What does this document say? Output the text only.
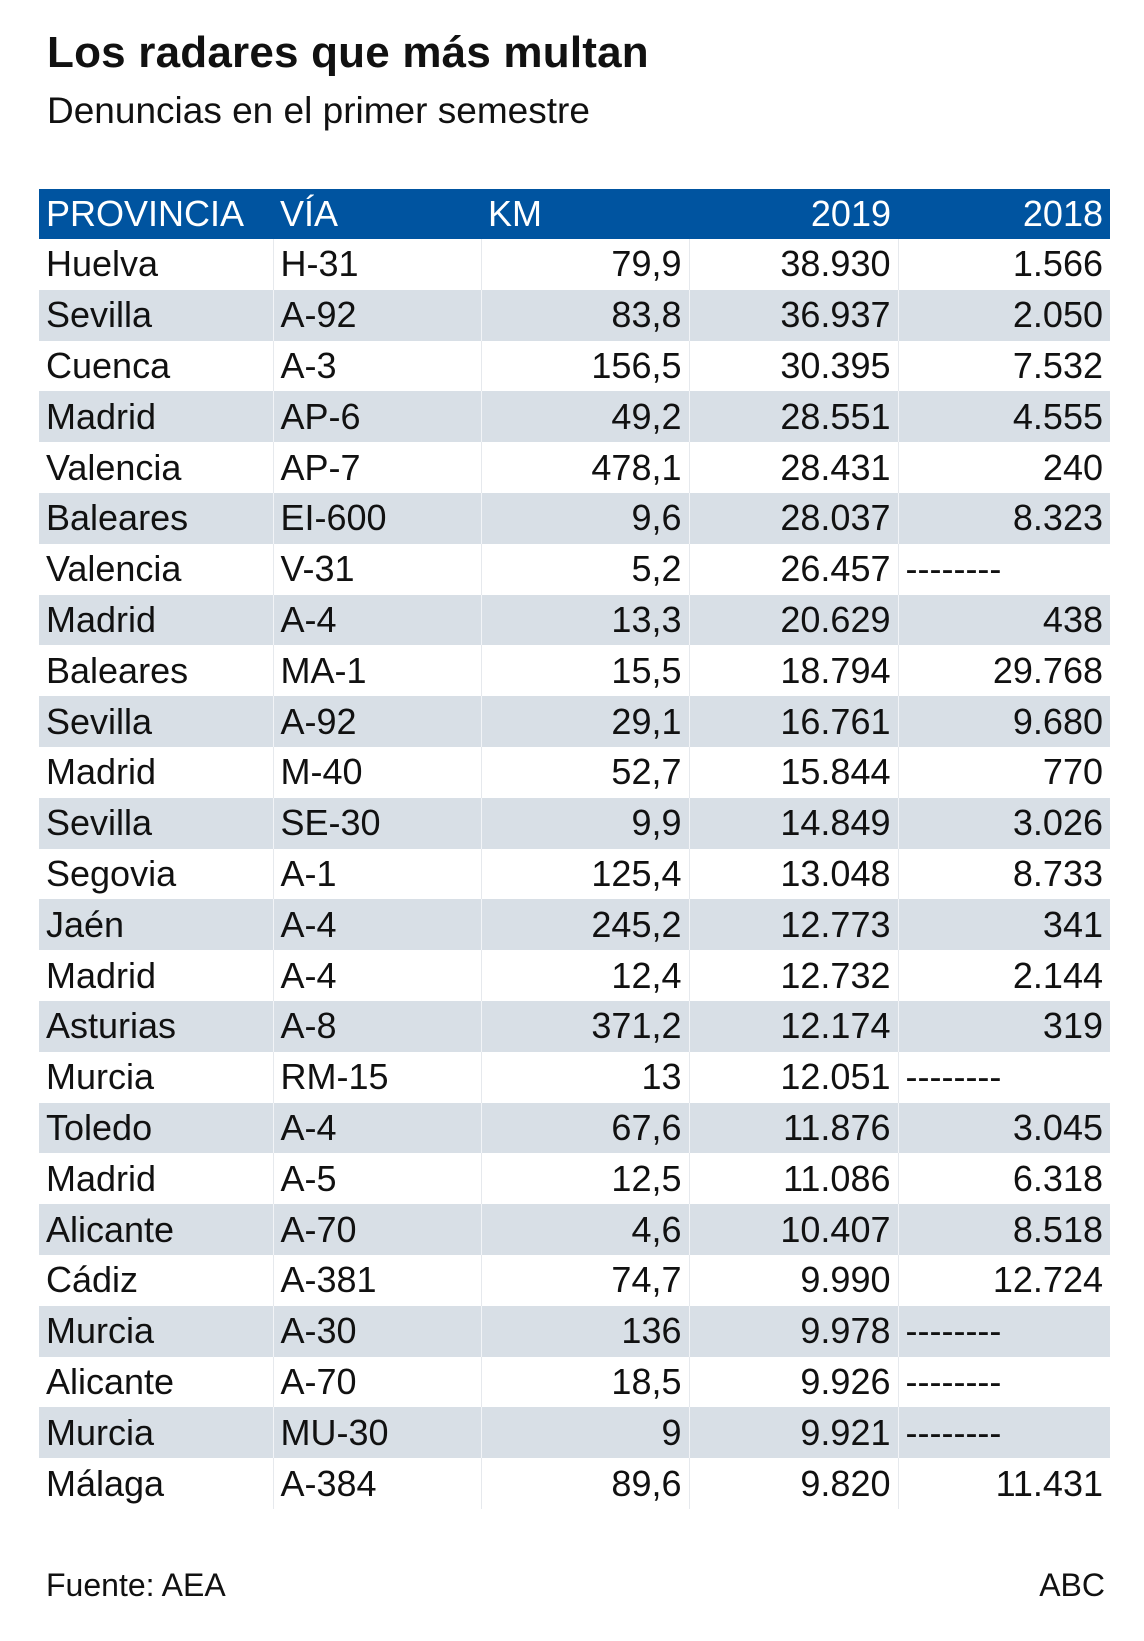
Los radares que más multan

Denuncias en el primer semestre

PROVINCIA	VÍA	KM	2019	2018
Huelva	H-31	79,9	38.930	1.566
Sevilla	A-92	83,8	36.937	2.050
Cuenca	A-3	156,5	30.395	7.532
Madrid	AP-6	49,2	28.551	4.555
Valencia	AP-7	478,1	28.431	240
Baleares	EI-600	9,6	28.037	8.323
Valencia	V-31	5,2	26.457	--------
Madrid	A-4	13,3	20.629	438
Baleares	MA-1	15,5	18.794	29.768
Sevilla	A-92	29,1	16.761	9.680
Madrid	M-40	52,7	15.844	770
Sevilla	SE-30	9,9	14.849	3.026
Segovia	A-1	125,4	13.048	8.733
Jaén	A-4	245,2	12.773	341
Madrid	A-4	12,4	12.732	2.144
Asturias	A-8	371,2	12.174	319
Murcia	RM-15	13	12.051	--------
Toledo	A-4	67,6	11.876	3.045
Madrid	A-5	12,5	11.086	6.318
Alicante	A-70	4,6	10.407	8.518
Cádiz	A-381	74,7	9.990	12.724
Murcia	A-30	136	9.978	--------
Alicante	A-70	18,5	9.926	--------
Murcia	MU-30	9	9.921	--------
Málaga	A-384	89,6	9.820	11.431

Fuente: AEA	ABC
